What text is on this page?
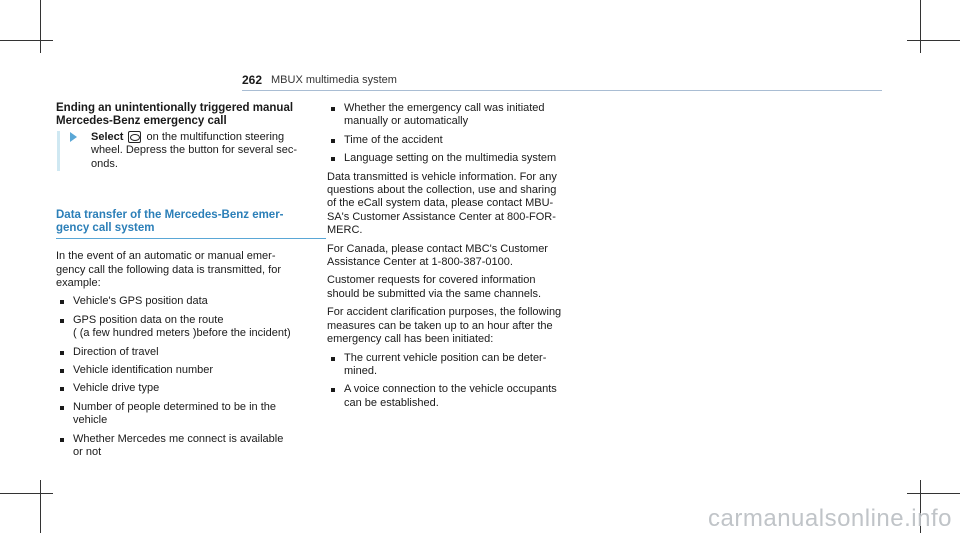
262 MBUX multimedia system

Ending an unintentionally triggered manual
Mercedes-Benz emergency call

Select on the multifunction steering
wheel. Depress the button for several sec-
onds.
Data transfer of the Mercedes-Benz emer-
gency call system

In the event of an automatic or manual emer-
gency call the following data is transmitted, for
example:

Vehicle's GPS position data
GPS position data on the route
( (a few hundred meters )before the incident)
Direction of travel
Vehicle identification number
Vehicle drive type
Number of people determined to be in the
vehicle
Whether Mercedes me connect is available
or not
Whether the emergency call was initiated
manually or automatically
Time of the accident
Language setting on the multimedia system

Data transmitted is vehicle information. For any
questions about the collection, use and sharing
of the eCall system data, please contact MBU-
SA's Customer Assistance Center at 800-FOR-
MERC.

For Canada, please contact MBC's Customer
Assistance Center at 1-800-387-0100.

Customer requests for covered information
should be submitted via the same channels.

For accident clarification purposes, the following
measures can be taken up to an hour after the
emergency call has been initiated:

The current vehicle position can be deter-
mined.
A voice connection to the vehicle occupants
can be established.
carmanualsonline.info
